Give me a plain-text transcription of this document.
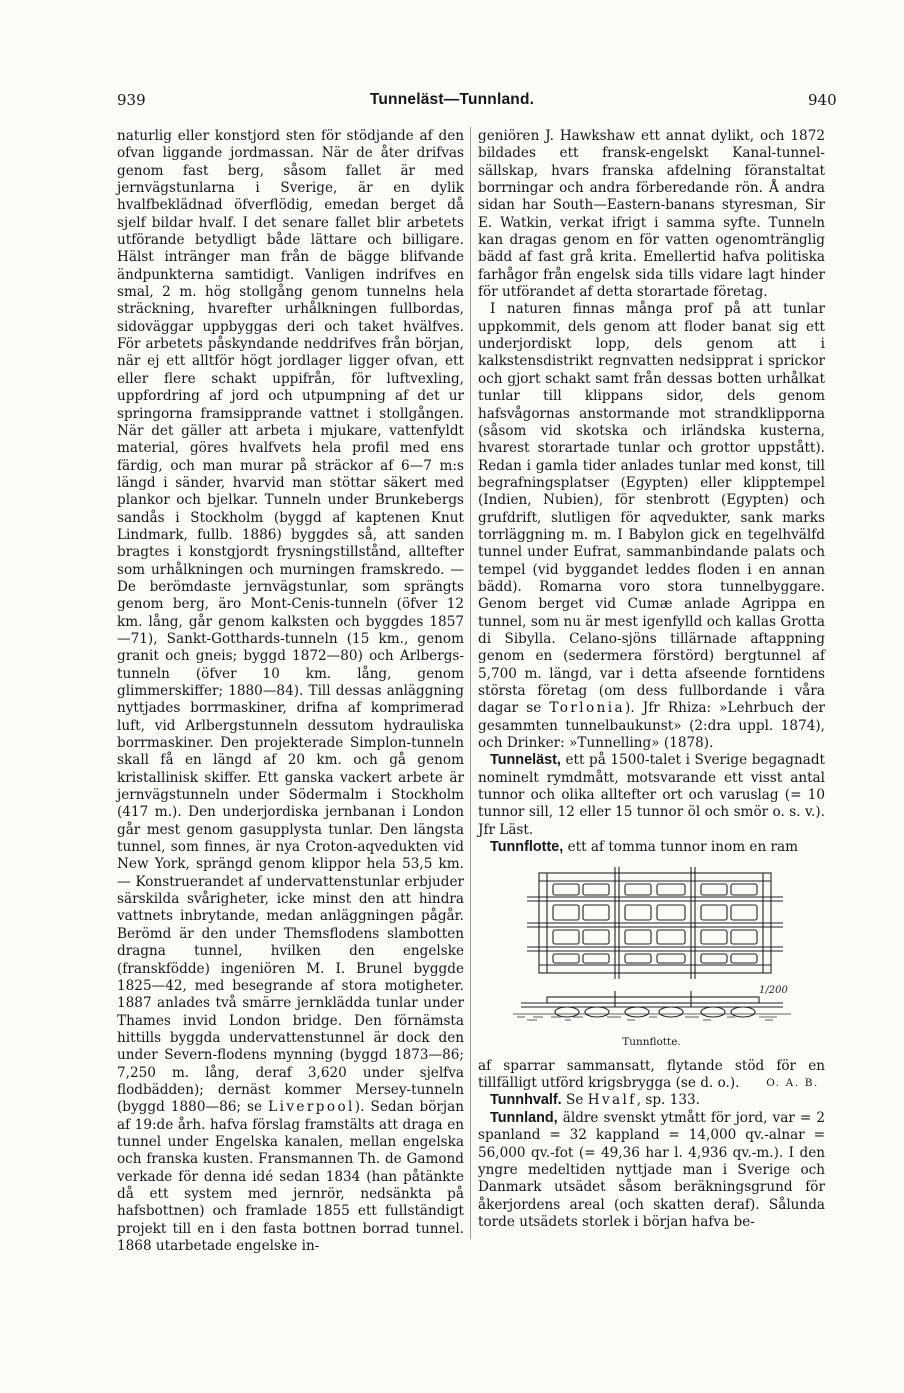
939	Tunneläst—Tunnland.	940

naturlig eller konstjord sten för stödjande af den ofvan liggande jordmassan. När de åter drifvas genom fast berg, såsom fallet är med jernvägstunlarna i Sverige, är en dylik hvalfbeklädnad öfverflödig, emedan berget då sjelf bildar hvalf. I det senare fallet blir arbetets utförande betydligt både lättare och billigare. Hälst intränger man från de bägge blifvande ändpunkterna samtidigt. Vanligen indrifves en smal, 2 m. hög stollgång genom tunnelns hela sträckning, hvarefter urhålkningen fullbordas, sidoväggar uppbyggas deri och taket hvälfves. För arbetets påskyndande neddrifves från början, när ej ett alltför högt jordlager ligger ofvan, ett eller flere schakt uppifrån, för luftvexling, uppfordring af jord och utpumpning af det ur springorna framsipprande vattnet i stollgången. När det gäller att arbeta i mjukare, vattenfyldt material, göres hvalfvets hela profil med ens färdig, och man murar på sträckor af 6—7 m:s längd i sänder, hvarvid man stöttar säkert med plankor och bjelkar. Tunneln under Brunkebergs sandås i Stockholm (byggd af kaptenen Knut Lindmark, fullb. 1886) byggdes så, att sanden bragtes i konstgjordt frysningstillstånd, alltefter som urhålkningen och murningen framskredo. — De berömdaste jernvägstunlar, som sprängts genom berg, äro Mont-Cenis-tunneln (öfver 12 km. lång, går genom kalksten och byggdes 1857—71), Sankt-Gotthards-tunneln (15 km., genom granit och gneis; byggd 1872—80) och Arlbergs-tunneln (öfver 10 km. lång, genom glimmerskiffer; 1880—84). Till dessas anläggning nyttjades borrmaskiner, drifna af komprimerad luft, vid Arlbergstunneln dessutom hydrauliska borrmaskiner. Den projekterade Simplon-tunneln skall få en längd af 20 km. och gå genom kristallinisk skiffer. Ett ganska vackert arbete är jernvägstunneln under Södermalm i Stockholm (417 m.). Den underjordiska jernbanan i London går mest genom gasupplysta tunlar. Den längsta tunnel, som finnes, är nya Croton-aqvedukten vid New York, sprängd genom klippor hela 53,5 km. — Konstruerandet af undervattenstunlar erbjuder särskilda svårigheter, icke minst den att hindra vattnets inbrytande, medan anläggningen pågår. Berömd är den under Themsflodens slambotten dragna tunnel, hvilken den engelske (franskfödde) ingeniören M. I. Brunel byggde 1825—42, med besegrande af stora motigheter. 1887 anlades två smärre jernklädda tunlar under Thames invid London bridge. Den förnämsta hittills byggda undervattenstunnel är dock den under Severn-flodens mynning (byggd 1873—86; 7,250 m. lång, deraf 3,620 under sjelfva flodbädden); dernäst kommer Mersey-tunneln (byggd 1880—86; se Liverpool). Sedan början af 19:de årh. hafva förslag framstälts att draga en tunnel under Engelska kanalen, mellan engelska och franska kusten. Fransmannen Th. de Gamond verkade för denna idé sedan 1834 (han påtänkte då ett system med jernrör, nedsänkta på hafsbottnen) och framlade 1855 ett fullständigt projekt till en i den fasta bottnen borrad tunnel. 1868 utarbetade engelske in-

geniören J. Hawkshaw ett annat dylikt, och 1872 bildades ett fransk-engelskt Kanal-tunnel-sällskap, hvars franska afdelning föranstaltat borrningar och andra förberedande rön. Å andra sidan har South—Eastern-banans styresman, Sir E. Watkin, verkat ifrigt i samma syfte. Tunneln kan dragas genom en för vatten ogenomtränglig bädd af fast grå krita. Emellertid hafva politiska farhågor från engelsk sida tills vidare lagt hinder för utförandet af detta storartade företag.

I naturen finnas många prof på att tunlar uppkommit, dels genom att floder banat sig ett underjordiskt lopp, dels genom att i kalkstensdistrikt regnvatten nedsipprat i sprickor och gjort schakt samt från dessas botten urhålkat tunlar till klippans sidor, dels genom hafsvågornas anstormande mot strandklipporna (såsom vid skotska och irländska kusterna, hvarest storartade tunlar och grottor uppstått). Redan i gamla tider anlades tunlar med konst, till begrafningsplatser (Egypten) eller klipptempel (Indien, Nubien), för stenbrott (Egypten) och grufdrift, slutligen för aqvedukter, sank marks torrläggning m. m. I Babylon gick en tegelhvälfd tunnel under Eufrat, sammanbindande palats och tempel (vid byggandet leddes floden i en annan bädd). Romarna voro stora tunnelbyggare. Genom berget vid Cumæ anlade Agrippa en tunnel, som nu är mest igenfylld och kallas Grotta di Sibylla. Celano-sjöns tillärnade aftappning genom en (sedermera förstörd) bergtunnel af 5,700 m. längd, var i detta afseende forntidens största företag (om dess fullbordande i våra dagar se Torlonia). Jfr Rhiza: »Lehrbuch der gesammten tunnelbaukunst» (2:dra uppl. 1874), och Drinker: »Tunnelling» (1878).

Tunneläst, ett på 1500-talet i Sverige begagnadt nominelt rymdmått, motsvarande ett visst antal tunnor och olika alltefter ort och varuslag (= 10 tunnor sill, 12 eller 15 tunnor öl och smör o. s. v.). Jfr Läst.

Tunnflotte, ett af tomma tunnor inom en ram

1/200
Tunnflotte.

af sparrar sammansatt, flytande stöd för en tillfälligt utförd krigsbrygga (se d. o.).	O. A. B.

Tunnhvalf. Se Hvalf, sp. 133.

Tunnland, äldre svenskt ytmått för jord, var = 2 spanland = 32 kappland = 14,000 qv.-alnar = 56,000 qv.-fot (= 49,36 har l. 4,936 qv.-m.). I den yngre medeltiden nyttjade man i Sverige och Danmark utsädet såsom beräkningsgrund för åkerjordens areal (och skatten deraf). Sålunda torde utsädets storlek i början hafva be-
